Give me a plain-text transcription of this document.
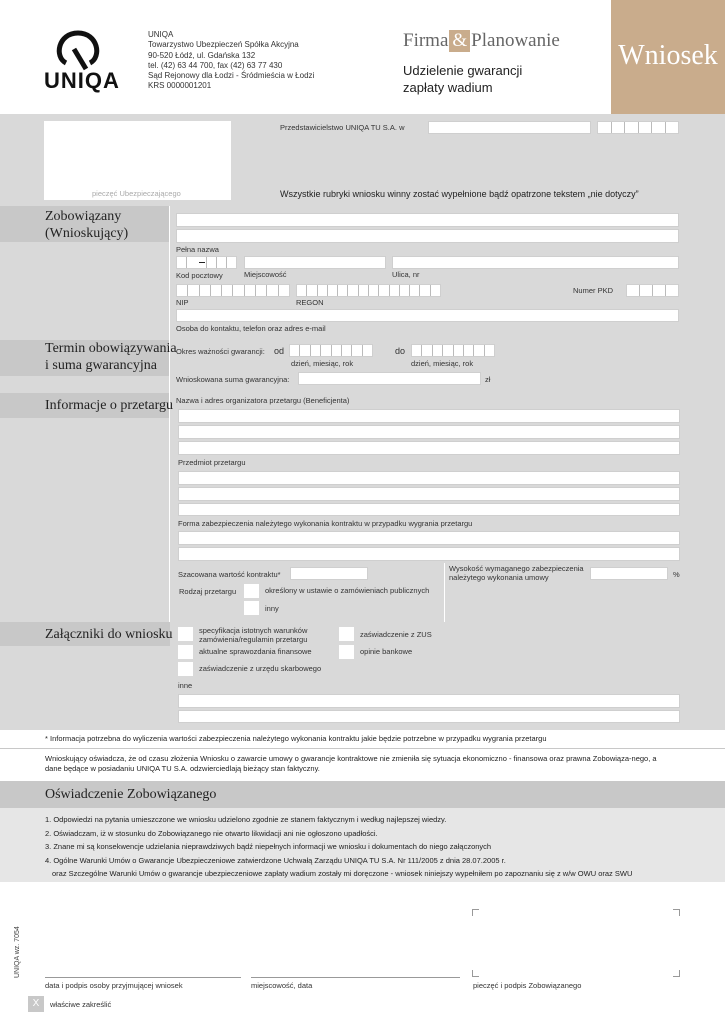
UNIQA
UNIQA
Towarzystwo Ubezpieczeń Spółka Akcyjna
90-520 Łódź, ul. Gdańska 132
tel. (42) 63 44 700, fax (42) 63 77 430
Sąd Rejonowy dla Łodzi - Śródmieścia w Łodzi
KRS 0000001201
Firma & Planowanie
Udzielenie gwarancji
zapłaty wadium
Wniosek
pieczęć Ubezpieczającego
Przedstawicielstwo UNIQA TU S.A. w
Wszystkie rubryki wniosku winny zostać wypełnione bądź opatrzone tekstem „nie dotyczy”
Zobowiązany
(Wnioskujący)
Pełna nazwa
Kod pocztowy	Miejscowość	Ulica, nr
Numer PKD
NIP	REGON
Osoba do kontaktu, telefon oraz adres e-mail
Termin obowiązywania
i suma gwarancyjna
Okres ważności gwarancji: od	do
dzień, miesiąc, rok	dzień, miesiąc, rok
Wnioskowana suma gwarancyjna:	zł
Informacje o przetargu Nazwa i adres organizatora przetargu (Beneficjenta)
Przedmiot przetargu
Forma zabezpieczenia należytego wykonania kontraktu w przypadku wygrania przetargu
Szacowana wartość kontraktu*
Wysokość wymaganego zabezpieczenia
należytego wykonania umowy	%
Rodzaj przetargu	określony w ustawie o zamówieniach publicznych
inny
Załączniki do wniosku	specyfikacja istotnych warunków
zamówienia/regulamin przetargu
aktualne sprawozdania finansowe
zaświadczenie z urzędu skarbowego
zaświadczenie z ZUS
opinie bankowe
inne
* Informacja potrzebna do wyliczenia wartości zabezpieczenia należytego wykonania kontraktu jakie będzie potrzebne w przypadku wygrania przetargu
Wnioskujący oświadcza, że od czasu złożenia Wniosku o zawarcie umowy o gwarancje kontraktowe nie zmieniła się sytuacja ekonomiczno - finansowa oraz prawna Zobowiąza-nego, a dane będące w posiadaniu UNIQA TU S.A. odzwierciedlają bieżący stan faktyczny.
Oświadczenie Zobowiązanego
1. Odpowiedzi na pytania umieszczone we wniosku udzielono zgodnie ze stanem faktycznym i według najlepszej wiedzy.
2. Oświadczam, iż w stosunku do Zobowiązanego nie otwarto likwidacji ani nie ogłoszono upadłości.
3. Znane mi są konsekwencje udzielania nieprawdziwych bądź niepełnych informacji we wniosku i dokumentach do niego załączonych
4. Ogólne Warunki Umów o Gwarancje Ubezpieczeniowe zatwierdzone Uchwałą Zarządu UNIQA TU S.A. Nr 111/2005 z dnia 28.07.2005 r.
oraz Szczególne Warunki Umów o gwarancje ubezpieczeniowe zapłaty wadium zostały mi doręczone - wniosek niniejszy wypełniłem po zapoznaniu się z w/w OWU oraz SWU
UNIQA wz. 7054
data i podpis osoby przyjmującej wniosek	miejscowość, data	pieczęć i podpis Zobowiązanego
X	właściwe zakreślić
